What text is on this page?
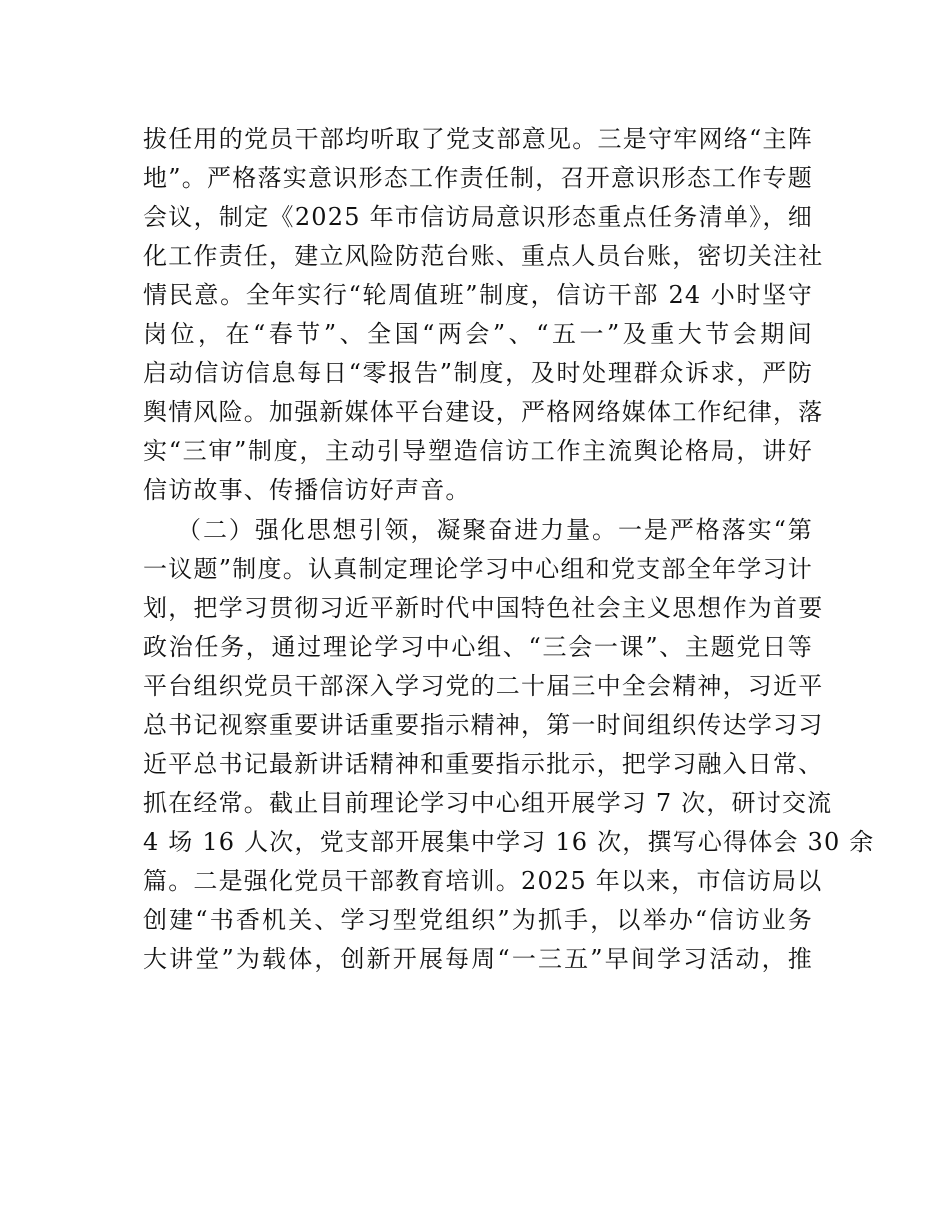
拔任用的党员干部均听取了党支部意见。三是守牢网络“主阵
地”。严格落实意识形态工作责任制，召开意识形态工作专题
会议，制定《2025 年市信访局意识形态重点任务清单》，细
化工作责任，建立风险防范台账、重点人员台账，密切关注社
情民意。全年实行“轮周值班”制度，信访干部 24 小时坚守
岗位，在“春节”、全国“两会”、“五一”及重大节会期间
启动信访信息每日“零报告”制度，及时处理群众诉求，严防
舆情风险。加强新媒体平台建设，严格网络媒体工作纪律，落
实“三审”制度，主动引导塑造信访工作主流舆论格局，讲好
信访故事、传播信访好声音。
（二）强化思想引领，凝聚奋进力量。一是严格落实“第
一议题”制度。认真制定理论学习中心组和党支部全年学习计
划，把学习贯彻习近平新时代中国特色社会主义思想作为首要
政治任务，通过理论学习中心组、“三会一课”、主题党日等
平台组织党员干部深入学习党的二十届三中全会精神，习近平
总书记视察重要讲话重要指示精神，第一时间组织传达学习习
近平总书记最新讲话精神和重要指示批示，把学习融入日常、
抓在经常。截止目前理论学习中心组开展学习 7 次，研讨交流
4 场 16 人次，党支部开展集中学习 16 次，撰写心得体会 30 余
篇。二是强化党员干部教育培训。2025 年以来，市信访局以
创建“书香机关、学习型党组织”为抓手，以举办“信访业务
大讲堂”为载体，创新开展每周“一三五”早间学习活动，推
